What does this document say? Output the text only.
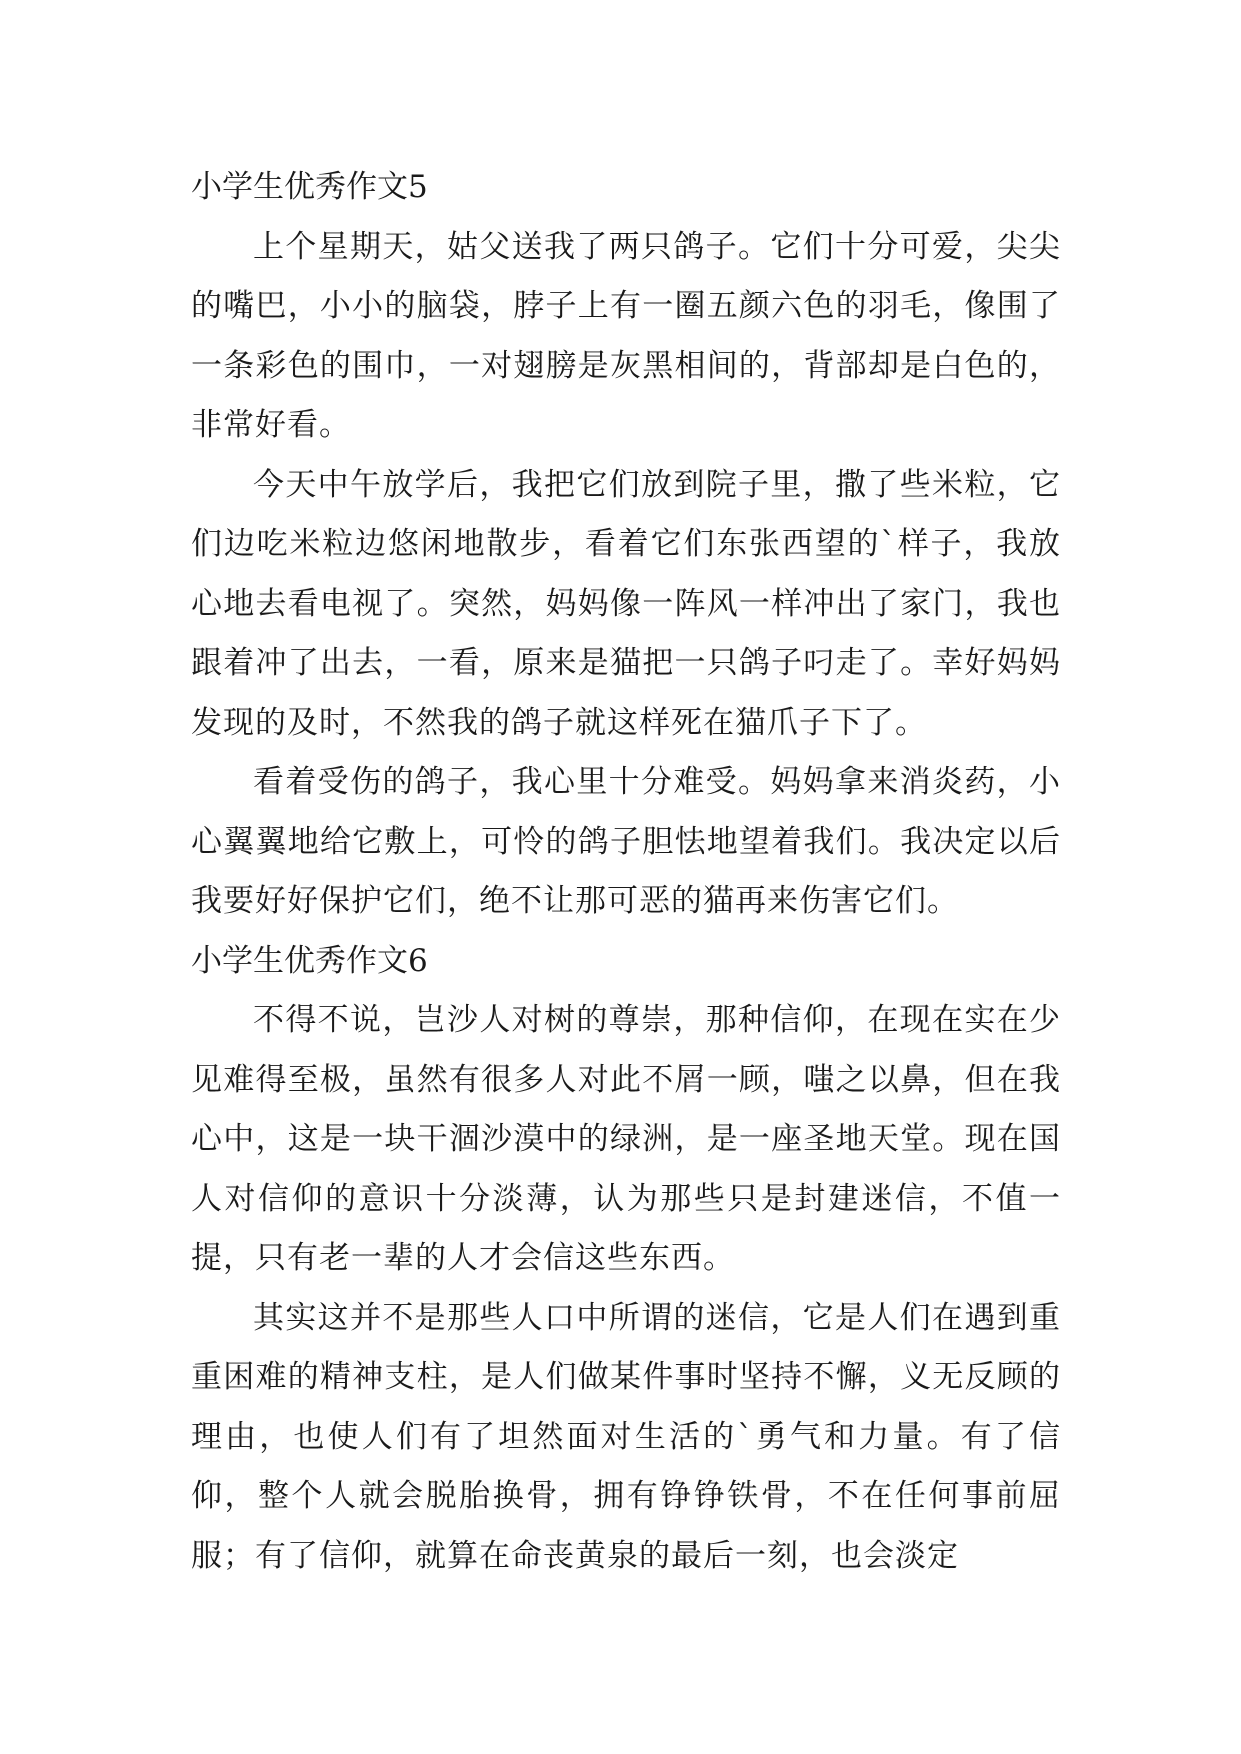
小学生优秀作文5

上个星期天，姑父送我了两只鸽子。它们十分可爱，尖尖的嘴巴，小小的脑袋，脖子上有一圈五颜六色的羽毛，像围了一条彩色的围巾，一对翅膀是灰黑相间的，背部却是白色的，非常好看。

今天中午放学后，我把它们放到院子里，撒了些米粒，它们边吃米粒边悠闲地散步，看着它们东张西望的`样子，我放心地去看电视了。突然，妈妈像一阵风一样冲出了家门，我也跟着冲了出去，一看，原来是猫把一只鸽子叼走了。幸好妈妈发现的及时，不然我的鸽子就这样死在猫爪子下了。

看着受伤的鸽子，我心里十分难受。妈妈拿来消炎药，小心翼翼地给它敷上，可怜的鸽子胆怯地望着我们。我决定以后我要好好保护它们，绝不让那可恶的猫再来伤害它们。

小学生优秀作文6

不得不说，岂沙人对树的尊崇，那种信仰，在现在实在少见难得至极，虽然有很多人对此不屑一顾，嗤之以鼻，但在我心中，这是一块干涸沙漠中的绿洲，是一座圣地天堂。现在国人对信仰的意识十分淡薄，认为那些只是封建迷信，不值一提，只有老一辈的人才会信这些东西。

其实这并不是那些人口中所谓的迷信，它是人们在遇到重重困难的精神支柱，是人们做某件事时坚持不懈，义无反顾的理由，也使人们有了坦然面对生活的`勇气和力量。有了信仰，整个人就会脱胎换骨，拥有铮铮铁骨，不在任何事前屈服；有了信仰，就算在命丧黄泉的最后一刻，也会淡定
